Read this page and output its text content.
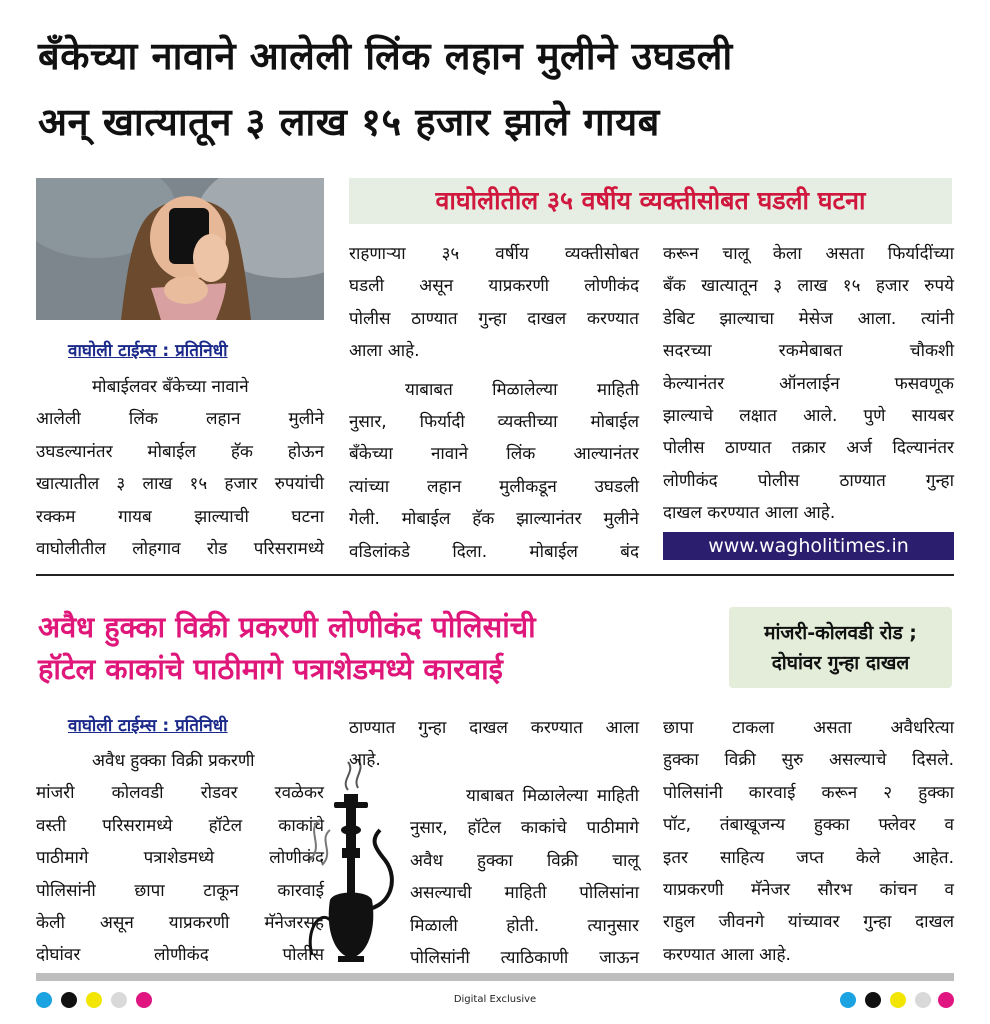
बँकेच्या नावाने आलेली लिंक लहान मुलीने उघडली
अन्‌ खात्यातून ३ लाख १५ हजार झाले गायब
वाघोलीतील ३५ वर्षीय व्यक्तीसोबत घडली घटना
वाघोली टाईम्स : प्रतिनिधी
मोबाईलवर बँकेच्या नावाने
आलेली लिंक लहान मुलीने
उघडल्यानंतर मोबाईल हॅक होऊन
खात्यातील ३ लाख १५ हजार रुपयांची
रक्कम गायब झाल्याची घटना
वाघोलीतील लोहगाव रोड परिसरामध्ये
राहणाऱ्या ३५ वर्षीय व्यक्तीसोबत
घडली असून याप्रकरणी लोणीकंद
पोलीस ठाण्यात गुन्हा दाखल करण्यात
आला आहे.
याबाबत मिळालेल्या माहिती
नुसार, फिर्यादी व्यक्तीच्या मोबाईल
बँकेच्या नावाने लिंक आल्यानंतर
त्यांच्या लहान मुलीकडून उघडली
गेली. मोबाईल हॅक झाल्यानंतर मुलीने
वडिलांकडे दिला. मोबाईल बंद
करून चालू केला असता फिर्यादींच्या
बँक खात्यातून ३ लाख १५ हजार रुपये
डेबिट झाल्याचा मेसेज आला. त्यांनी
सदरच्या रकमेबाबत चौकशी
केल्यानंतर ऑनलाईन फसवणूक
झाल्याचे लक्षात आले. पुणे सायबर
पोलीस ठाण्यात तक्रार अर्ज दिल्यानंतर
लोणीकंद पोलीस ठाण्यात गुन्हा
दाखल करण्यात आला आहे.
www.wagholitimes.in
अवैध हुक्का विक्री प्रकरणी लोणीकंद पोलिसांची
हॉटेल काकांचे पाठीमागे पत्राशेडमध्ये कारवाई
मांजरी-कोलवडी रोड ;
दोघांवर गुन्हा दाखल
वाघोली टाईम्स : प्रतिनिधी
अवैध हुक्का विक्री प्रकरणी
मांजरी कोलवडी रोडवर रवळेकर
वस्ती परिसरामध्ये हॉटेल काकांचे
पाठीमागे पत्राशेडमध्ये लोणीकंद
पोलिसांनी छापा टाकून कारवाई
केली असून याप्रकरणी मॅनेजरसह
दोघांवर लोणीकंद पोलीस
ठाण्यात गुन्हा दाखल करण्यात आला
आहे.
याबाबत मिळालेल्या माहिती
नुसार, हॉटेल काकांचे पाठीमागे
अवैध हुक्का विक्री चालू
असल्याची माहिती पोलिसांना
मिळाली होती. त्यानुसार
पोलिसांनी त्याठिकाणी जाऊन
छापा टाकला असता अवैधरित्या
हुक्का विक्री सुरु असल्याचे दिसले.
पोलिसांनी कारवाई करून २ हुक्का
पॉट, तंबाखूजन्य हुक्का फ्लेवर व
इतर साहित्य जप्त केले आहेत.
याप्रकरणी मॅनेजर सौरभ कांचन व
राहुल जीवनगे यांच्यावर गुन्हा दाखल
करण्यात आला आहे.
Digital Exclusive
